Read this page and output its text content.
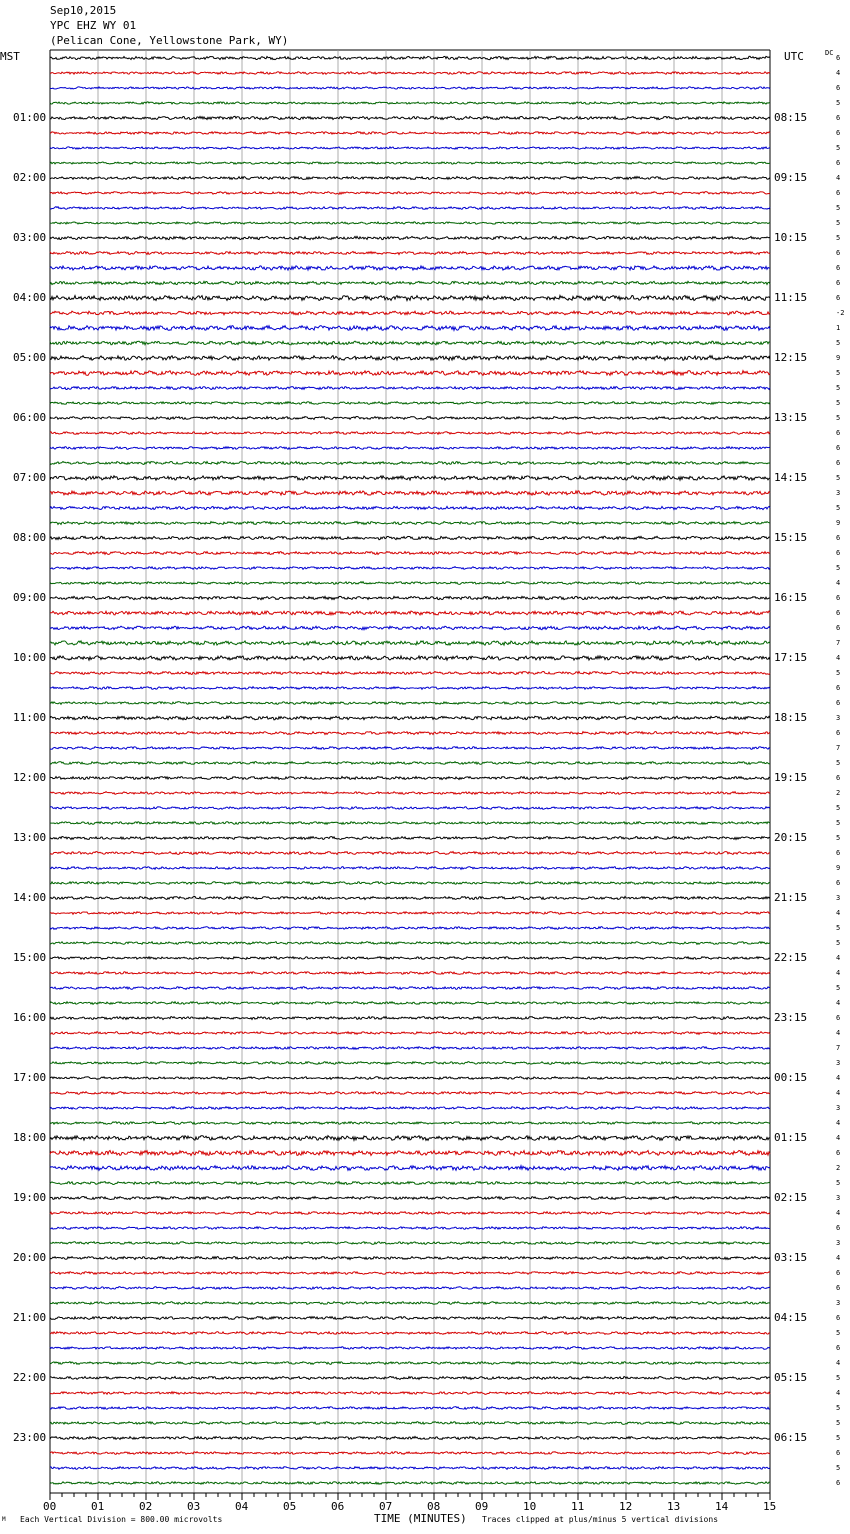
Sep10,2015
YPC EHZ WY 01
(Pelican Cone, Yellowstone Park, WY)
MST	UTC	DC
01:00
02:00
03:00
04:00
05:00
06:00
07:00
08:00
09:00
10:00
11:00
12:00
13:00
14:00
15:00
16:00
17:00
18:00
19:00
20:00
21:00
22:00
23:00
08:15
09:15
10:15
11:15
12:15
13:15
14:15
15:15
16:15
17:15
18:15
19:15
20:15
21:15
22:15
23:15
00:15
01:15
02:15
03:15
04:15
05:15
06:15
6
4
6
5
6
6
5
6
4
6
5
5
5
6
6
6
6
-2
1
5
9
5
5
5
5
6
6
6
5
3
5
9
6
6
5
4
6
6
6
7
4
5
6
6
3
6
7
5
6
2
5
5
5
6
9
6
3
4
5
5
4
4
5
4
6
4
7
3
4
4
3
4
4
6
2
5
3
4
6
3
4
6
6
3
6
5
6
4
5
4
5
5
5
6
5
6
00	01	02	03	04	05	06	07	08	09	10	11	12	13	14	15
M Each Vertical Division = 800.00 microvolts	TIME (MINUTES) Traces clipped at plus/minus 5 vertical divisions
